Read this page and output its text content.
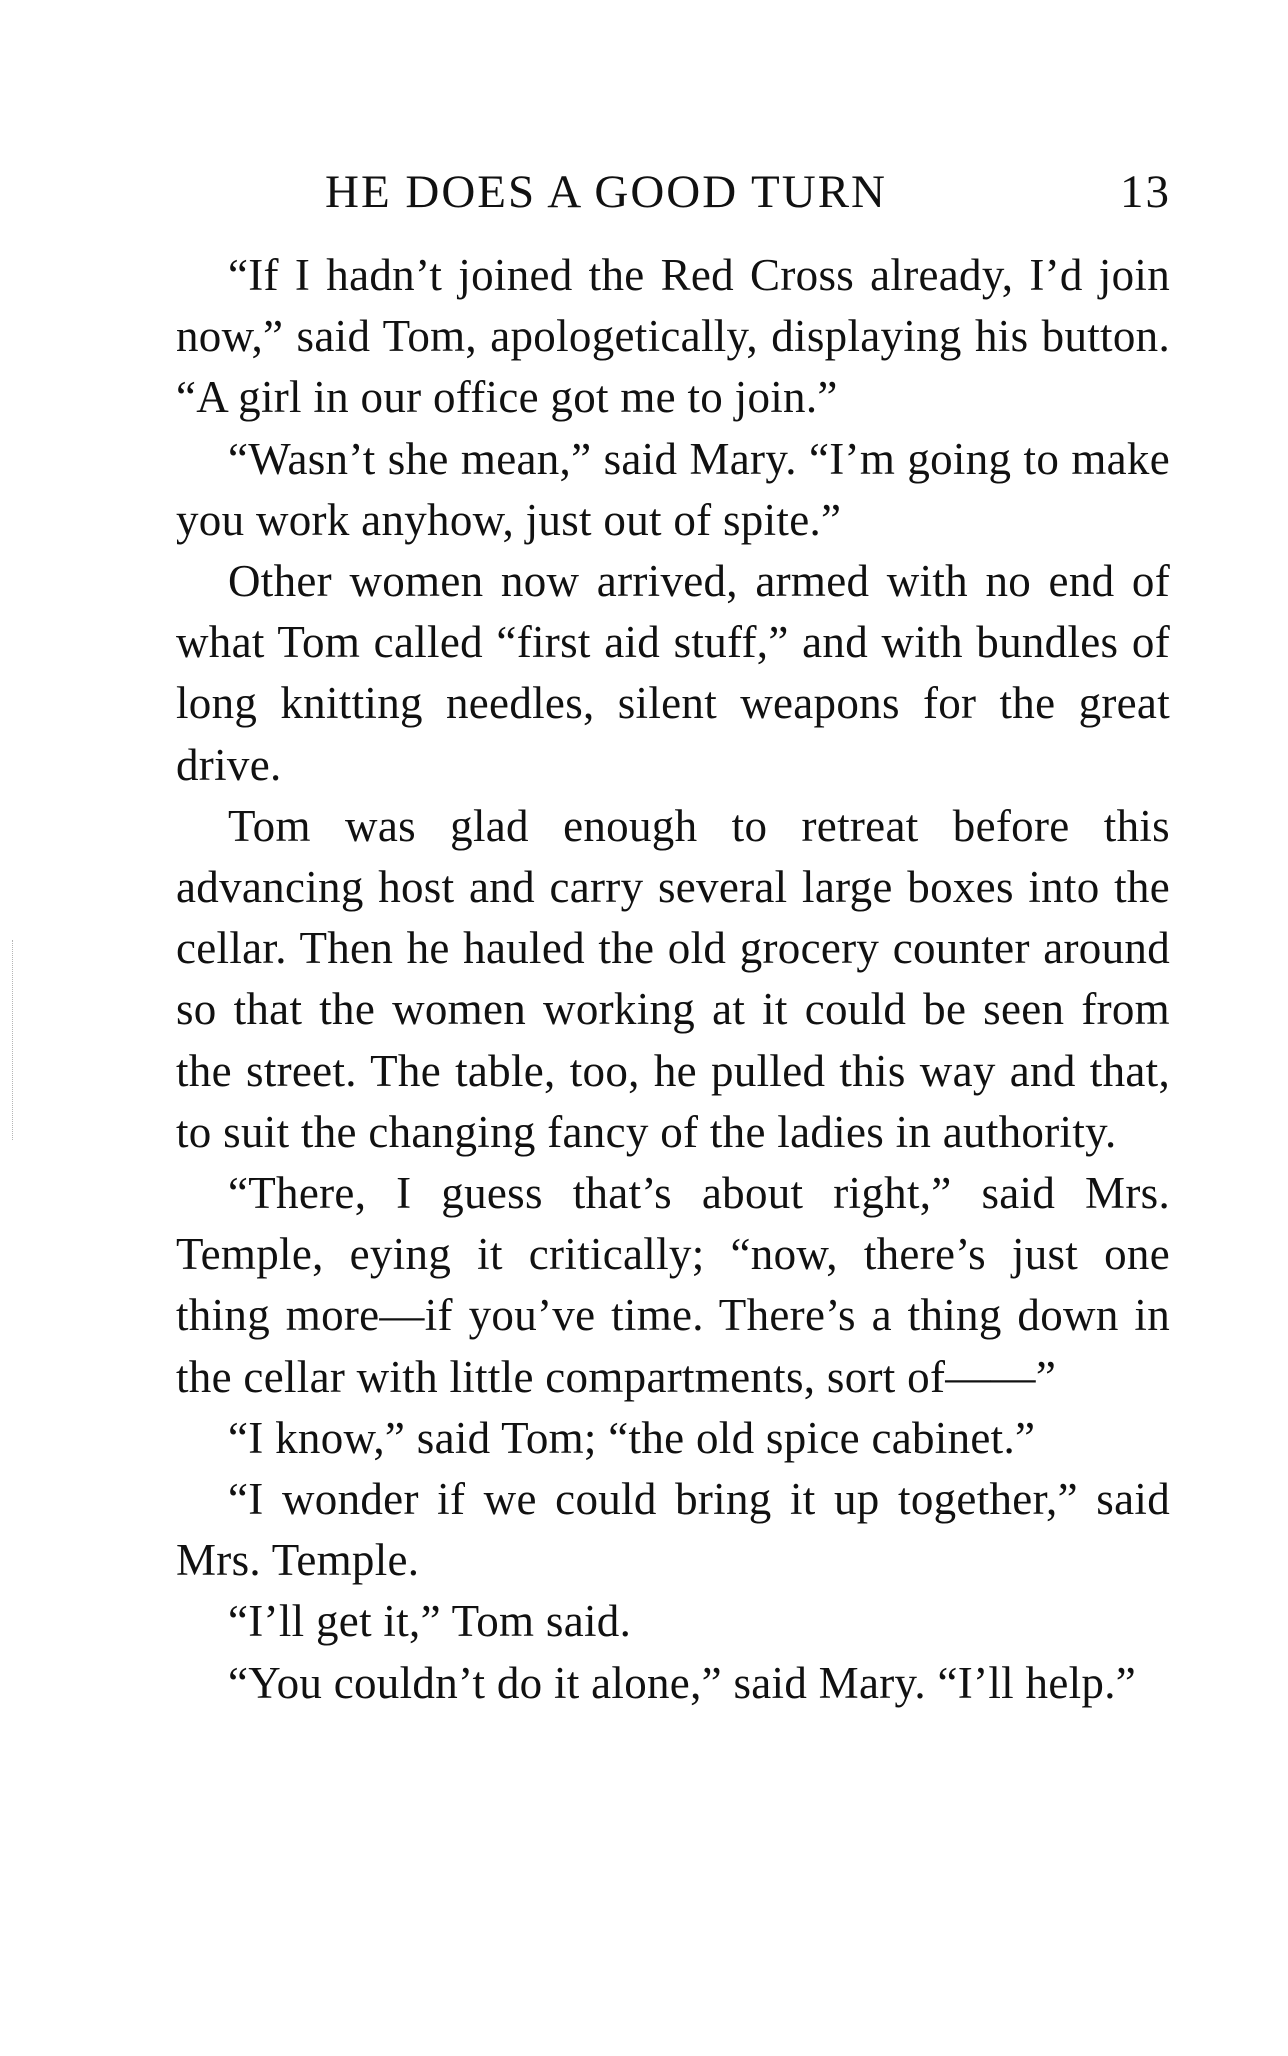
HE DOES A GOOD TURN	13

“If I hadn’t joined the Red Cross already, I’d join now,” said Tom, apologetically, displaying his button. “A girl in our office got me to join.”

“Wasn’t she mean,” said Mary. “I’m going to make you work anyhow, just out of spite.”

Other women now arrived, armed with no end of what Tom called “first aid stuff,” and with bundles of long knitting needles, silent weapons for the great drive.

Tom was glad enough to retreat before this advancing host and carry several large boxes into the cellar. Then he hauled the old grocery counter around so that the women working at it could be seen from the street. The table, too, he pulled this way and that, to suit the changing fancy of the ladies in authority.

“There, I guess that’s about right,” said Mrs. Temple, eying it critically; “now, there’s just one thing more—if you’ve time. There’s a thing down in the cellar with little compartments, sort of——”

“I know,” said Tom; “the old spice cabinet.”

“I wonder if we could bring it up together,” said Mrs. Temple.

“I’ll get it,” Tom said.

“You couldn’t do it alone,” said Mary. “I’ll help.”
